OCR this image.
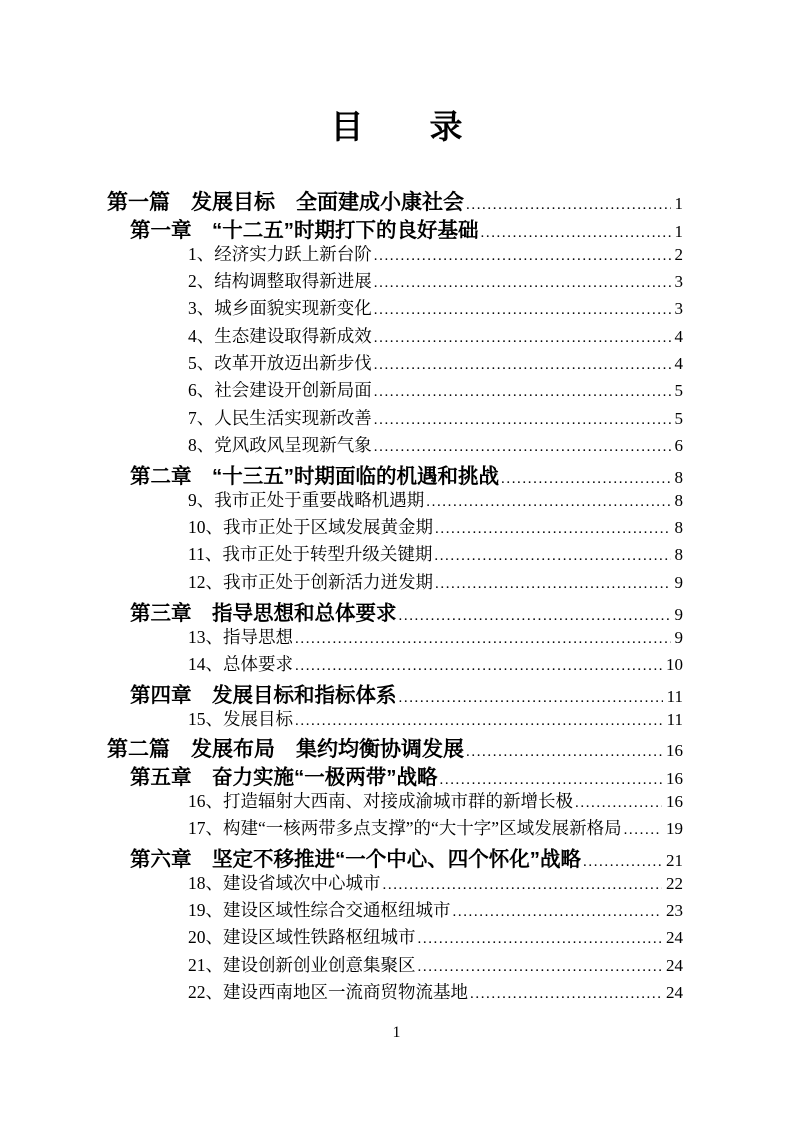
目　　录
第一篇　发展目标　全面建成小康社会 .....	1
第一章　“十二五”时期打下的良好基础 .....	1
1、经济实力跃上新台阶 .....	2
2、结构调整取得新进展 .....	3
3、城乡面貌实现新变化 .....	3
4、生态建设取得新成效 .....	4
5、改革开放迈出新步伐 .....	4
6、社会建设开创新局面 .....	5
7、人民生活实现新改善 .....	5
8、党风政风呈现新气象 .....	6
第二章　“十三五”时期面临的机遇和挑战 .....	8
9、我市正处于重要战略机遇期 .....	8
10、我市正处于区域发展黄金期 .....	8
11、我市正处于转型升级关键期 .....	8
12、我市正处于创新活力迸发期 .....	9
第三章　指导思想和总体要求 .....	9
13、指导思想 .....	9
14、总体要求 .....	10
第四章　发展目标和指标体系 .....	11
15、发展目标 .....	11
第二篇　发展布局　集约均衡协调发展 .....	16
第五章　奋力实施“一极两带”战略 .....	16
16、打造辐射大西南、对接成渝城市群的新增长极 .....	16
17、构建“一核两带多点支撑”的“大十字”区域发展新格局 .....	19
第六章　坚定不移推进“一个中心、四个怀化”战略 .....	21
18、建设省域次中心城市 .....	22
19、建设区域性综合交通枢纽城市 .....	23
20、建设区域性铁路枢纽城市 .....	24
21、建设创新创业创意集聚区 .....	24
22、建设西南地区一流商贸物流基地 .....	24
1
